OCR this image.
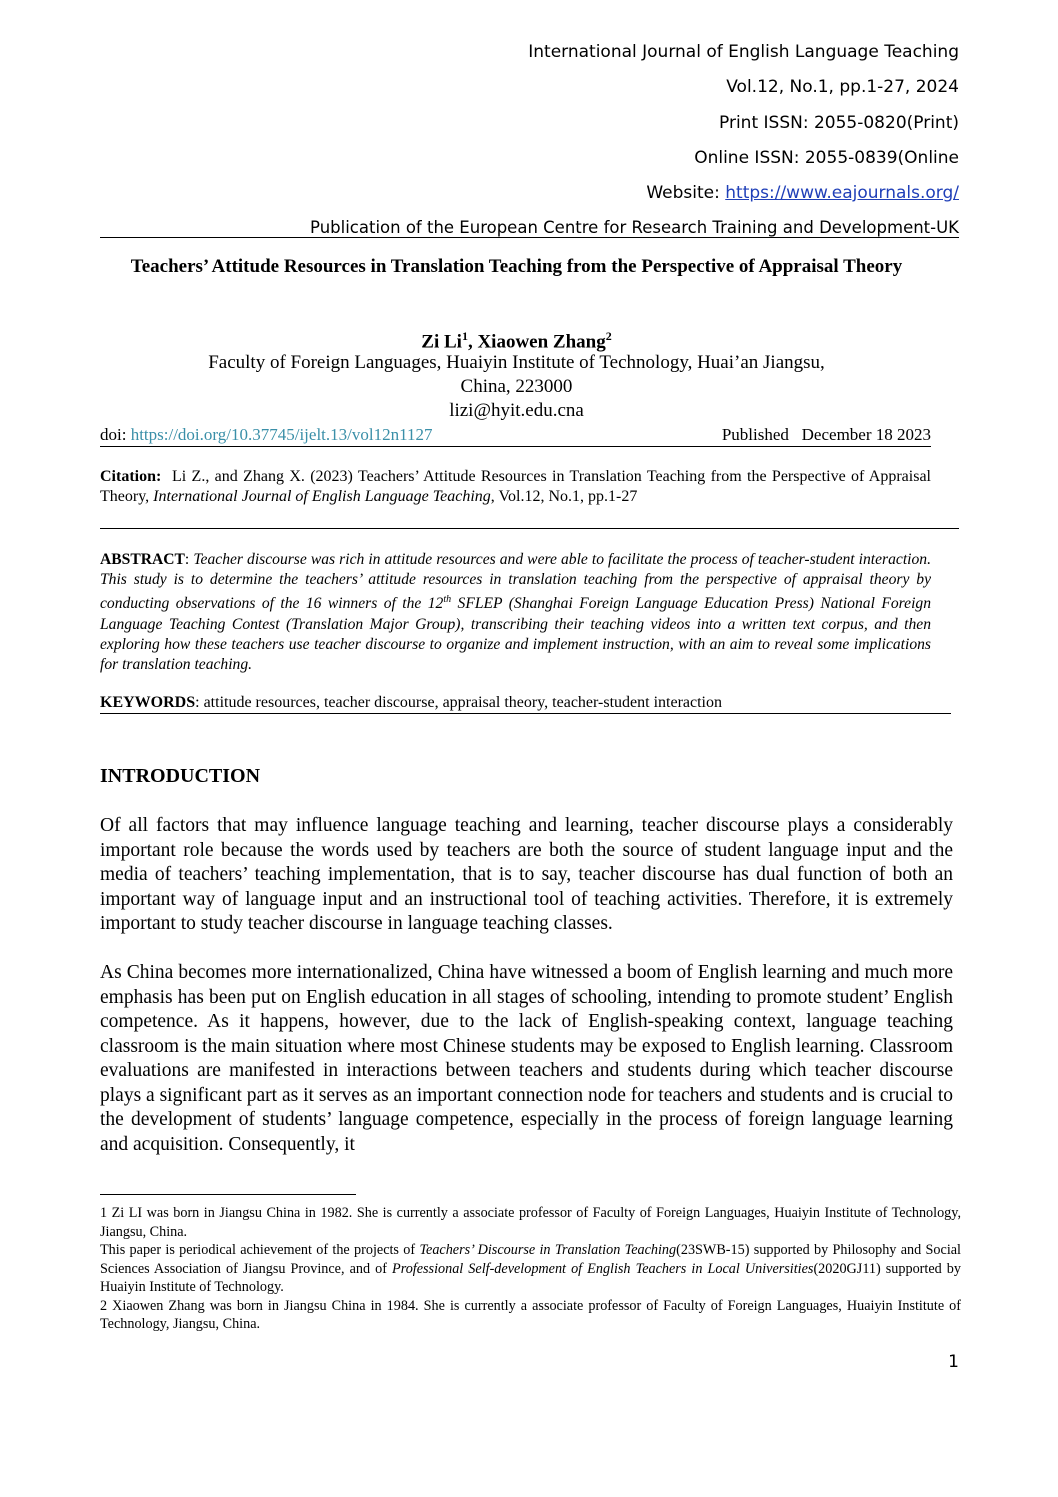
International Journal of English Language Teaching
Vol.12, No.1, pp.1-27, 2024
Print ISSN: 2055-0820(Print)
Online ISSN: 2055-0839(Online
Website: https://www.eajournals.org/
Publication of the European Centre for Research Training and Development-UK
Teachers’ Attitude Resources in Translation Teaching from the Perspective of Appraisal Theory
Zi Li$^1$, Xiaowen Zhang$^2$
Faculty of Foreign Languages, Huaiyin Institute of Technology, Huai’an Jiangsu,
China, 223000
lizi@hyit.edu.cna
doi: https://doi.org/10.37745/ijelt.13/vol12n1127	Published   December 18 2023
Citation:  Li Z., and Zhang X. (2023) Teachers’ Attitude Resources in Translation Teaching from the Perspective of Appraisal Theory, International Journal of English Language Teaching, Vol.12, No.1, pp.1-27
ABSTRACT: Teacher discourse was rich in attitude resources and were able to facilitate the process of teacher-student interaction. This study is to determine the teachers’ attitude resources in translation teaching from the perspective of appraisal theory by conducting observations of the 16 winners of the 12th SFLEP (Shanghai Foreign Language Education Press) National Foreign Language Teaching Contest (Translation Major Group), transcribing their teaching videos into a written text corpus, and then exploring how these teachers use teacher discourse to organize and implement instruction, with an aim to reveal some implications for translation teaching.
KEYWORDS: attitude resources, teacher discourse, appraisal theory, teacher-student interaction
INTRODUCTION
Of all factors that may influence language teaching and learning, teacher discourse plays a considerably important role because the words used by teachers are both the source of student language input and the media of teachers’ teaching implementation, that is to say, teacher discourse has dual function of both an important way of language input and an instructional tool of teaching activities. Therefore, it is extremely important to study teacher discourse in language teaching classes.
As China becomes more internationalized, China have witnessed a boom of English learning and much more emphasis has been put on English education in all stages of schooling, intending to promote student’ English competence. As it happens, however, due to the lack of English-speaking context, language teaching classroom is the main situation where most Chinese students may be exposed to English learning. Classroom evaluations are manifested in interactions between teachers and students during which teacher discourse plays a significant part as it serves as an important connection node for teachers and students and is crucial to the development of students’ language competence, especially in the process of foreign language learning and acquisition. Consequently, it

1 Zi LI was born in Jiangsu China in 1982. She is currently a associate professor of Faculty of Foreign Languages, Huaiyin Institute of Technology, Jiangsu, China.

This paper is periodical achievement of the projects of Teachers’ Discourse in Translation Teaching(23SWB-15) supported by Philosophy and Social Sciences Association of Jiangsu Province, and of Professional Self-development of English Teachers in Local Universities(2020GJ11) supported by Huaiyin Institute of Technology.

2 Xiaowen Zhang was born in Jiangsu China in 1984. She is currently a associate professor of Faculty of Foreign Languages, Huaiyin Institute of Technology, Jiangsu, China.

1
